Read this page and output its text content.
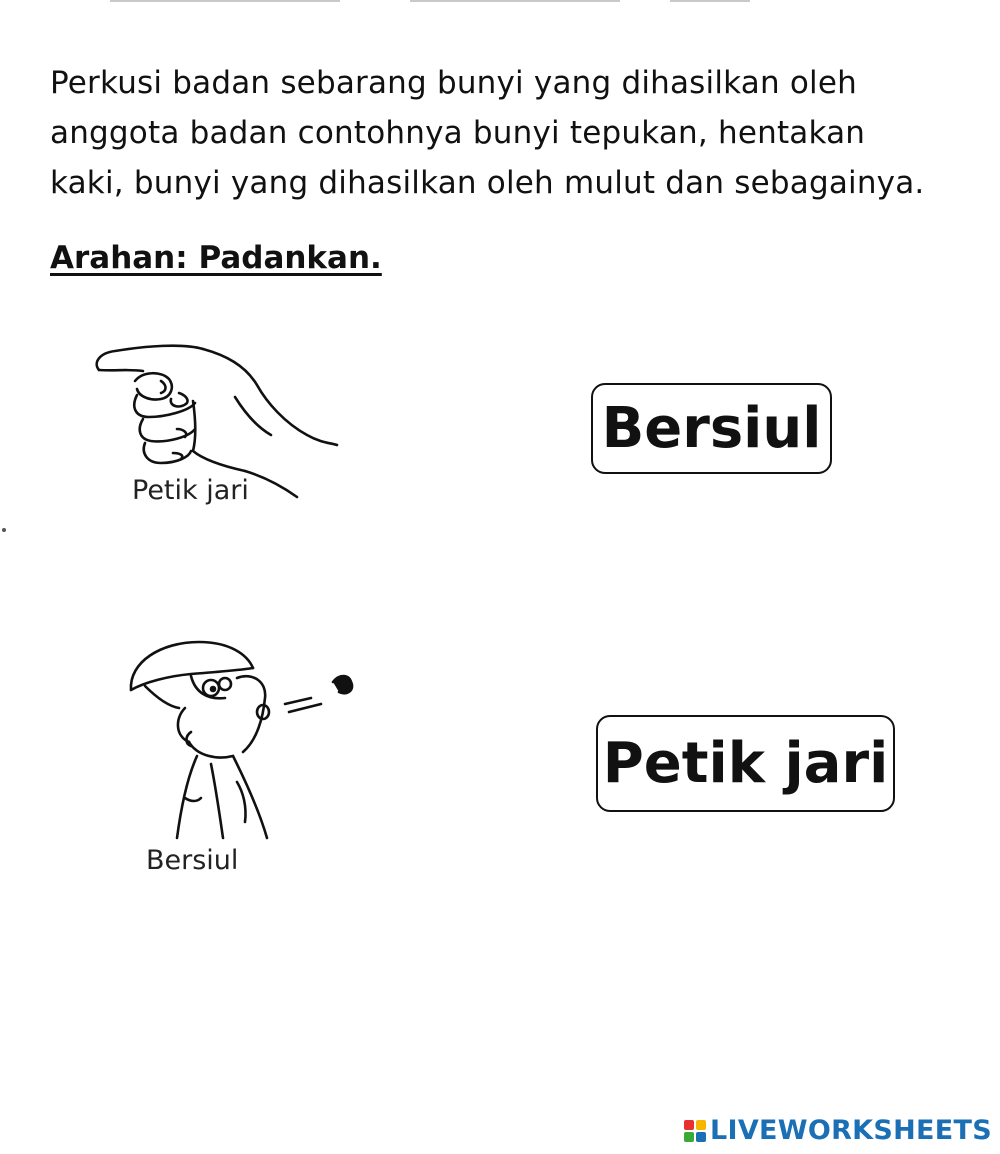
Perkusi badan sebarang bunyi yang dihasilkan oleh
anggota badan contohnya bunyi tepukan, hentakan
kaki, bunyi yang dihasilkan oleh mulut dan sebagainya.

Arahan: Padankan.

Petik jari

Bersiul

Bersiul
Petik jari
LIVEWORKSHEETS
